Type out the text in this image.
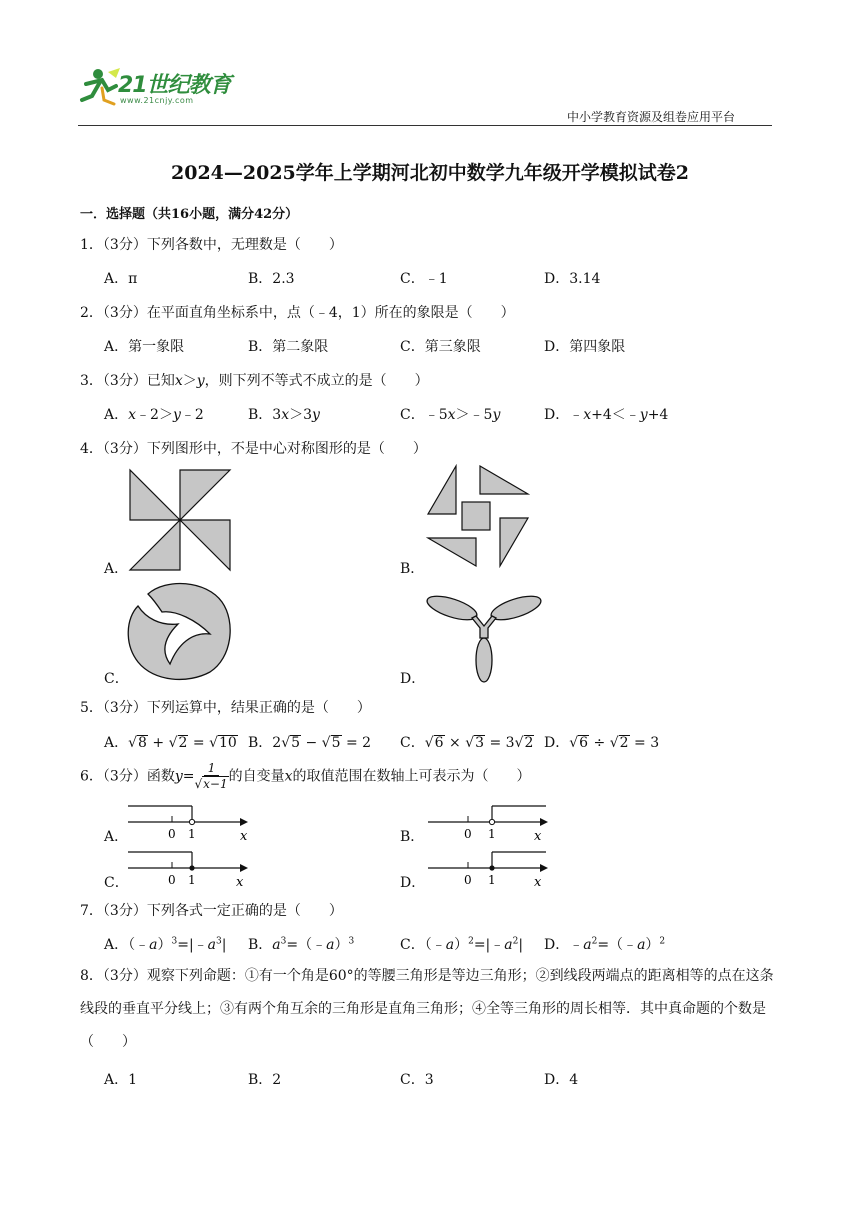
21世纪教育
www.21cnjy.com
中小学教育资源及组卷应用平台
2024—2025学年上学期河北初中数学九年级开学模拟试卷2
一．选择题（共16小题，满分42分）
1．（3分）下列各数中，无理数是（　　）
A．π	B．2.3	C．﹣1	D．3.14
2．（3分）在平面直角坐标系中，点（﹣4，1）所在的象限是（　　）
A．第一象限	B．第二象限	C．第三象限	D．第四象限
3．（3分）已知x＞y，则下列不等式不成立的是（　　）
A．x﹣2＞y﹣2	B．3x＞3y	C．﹣5x＞﹣5y	D．﹣x+4＜﹣y+4
4．（3分）下列图形中，不是中心对称图形的是（　　）
A．	B．
C．	D．
5．（3分）下列运算中，结果正确的是（　　）
A．√8 + √2 = √10 B．2√5 − √5 = 2 C．√6 × √3 = 3√2 D．√6 ÷ √2 = 3
6．（3分）函数$y= \frac{1}{√x-1}$ 的自变量x的取值范围在数轴上可表示为（　　）
A．	0 1	x	B．	0 1	x
C．	0 1	x	D．	0 1	x
7．（3分）下列各式一定正确的是（　　）
A．$(﹣a)^3=|﹣a^3|$ B．$a^3=(﹣a)^3$	C．$(﹣a)^2=|﹣a^2|$ D．$﹣a^2=(﹣a)^2$
8．（3分）观察下列命题：①有一个角是60°的等腰三角形是等边三角形；②到线段两端点的距离相等的点在这条线段的垂直平分线上；③有两个角互余的三角形是直角三角形；④全等三角形的周长相等．其中真命题的个数是（　　）
A．1	B．2	C．3	D．4
